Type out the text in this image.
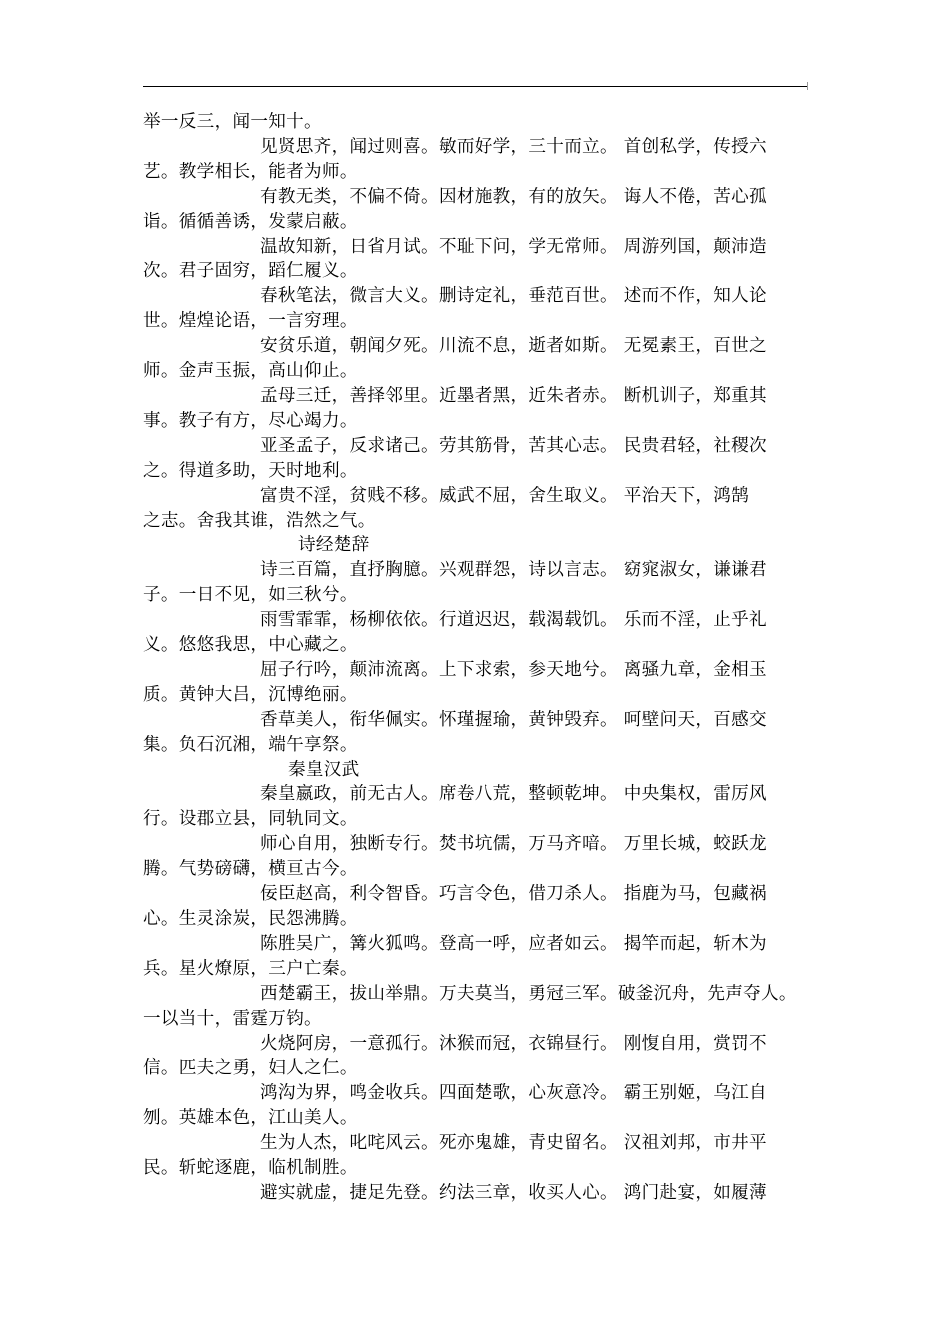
举一反三，闻一知十。
见贤思齐，闻过则喜。敏而好学，三十而立。 首创私学，传授六
艺。教学相长，能者为师。
有教无类，不偏不倚。因材施教，有的放矢。 诲人不倦，苦心孤
诣。循循善诱，发蒙启蔽。
温故知新，日省月试。不耻下问，学无常师。 周游列国，颠沛造
次。君子固穷，蹈仁履义。
春秋笔法，微言大义。删诗定礼，垂范百世。 述而不作，知人论
世。煌煌论语，一言穷理。
安贫乐道，朝闻夕死。川流不息，逝者如斯。 无冕素王，百世之
师。金声玉振，高山仰止。
孟母三迁，善择邻里。近墨者黑，近朱者赤。 断机训子，郑重其
事。教子有方，尽心竭力。
亚圣孟子，反求诸己。劳其筋骨，苦其心志。 民贵君轻，社稷次
之。得道多助，天时地利。
富贵不淫，贫贱不移。威武不屈，舍生取义。 平治天下，鸿鹄
之志。舍我其谁，浩然之气。
诗经楚辞
诗三百篇，直抒胸臆。兴观群怨，诗以言志。 窈窕淑女，谦谦君
子。一日不见，如三秋兮。
雨雪霏霏，杨柳依依。行道迟迟，载渴载饥。 乐而不淫，止乎礼
义。悠悠我思，中心藏之。
屈子行吟，颠沛流离。上下求索，参天地兮。 离骚九章，金相玉
质。黄钟大吕，沉博绝丽。
香草美人，衔华佩实。怀瑾握瑜，黄钟毁弃。 呵壁问天，百感交
集。负石沉湘，端午享祭。
秦皇汉武
秦皇嬴政，前无古人。席卷八荒，整顿乾坤。 中央集权，雷厉风
行。设郡立县，同轨同文。
师心自用，独断专行。焚书坑儒，万马齐喑。 万里长城，蛟跃龙
腾。气势磅礴，横亘古今。
佞臣赵高，利令智昏。巧言令色，借刀杀人。 指鹿为马，包藏祸
心。生灵涂炭，民怨沸腾。
陈胜吴广，篝火狐鸣。登高一呼，应者如云。 揭竿而起，斩木为
兵。星火燎原，三户亡秦。
西楚霸王，拔山举鼎。万夫莫当，勇冠三军。破釜沉舟，先声夺人。
一以当十，雷霆万钧。
火烧阿房，一意孤行。沐猴而冠，衣锦昼行。 刚愎自用，赏罚不
信。匹夫之勇，妇人之仁。
鸿沟为界，鸣金收兵。四面楚歌，心灰意冷。 霸王别姬，乌江自
刎。英雄本色，江山美人。
生为人杰，叱咤风云。死亦鬼雄，青史留名。 汉祖刘邦，市井平
民。斩蛇逐鹿，临机制胜。
避实就虚，捷足先登。约法三章，收买人心。 鸿门赴宴，如履薄
